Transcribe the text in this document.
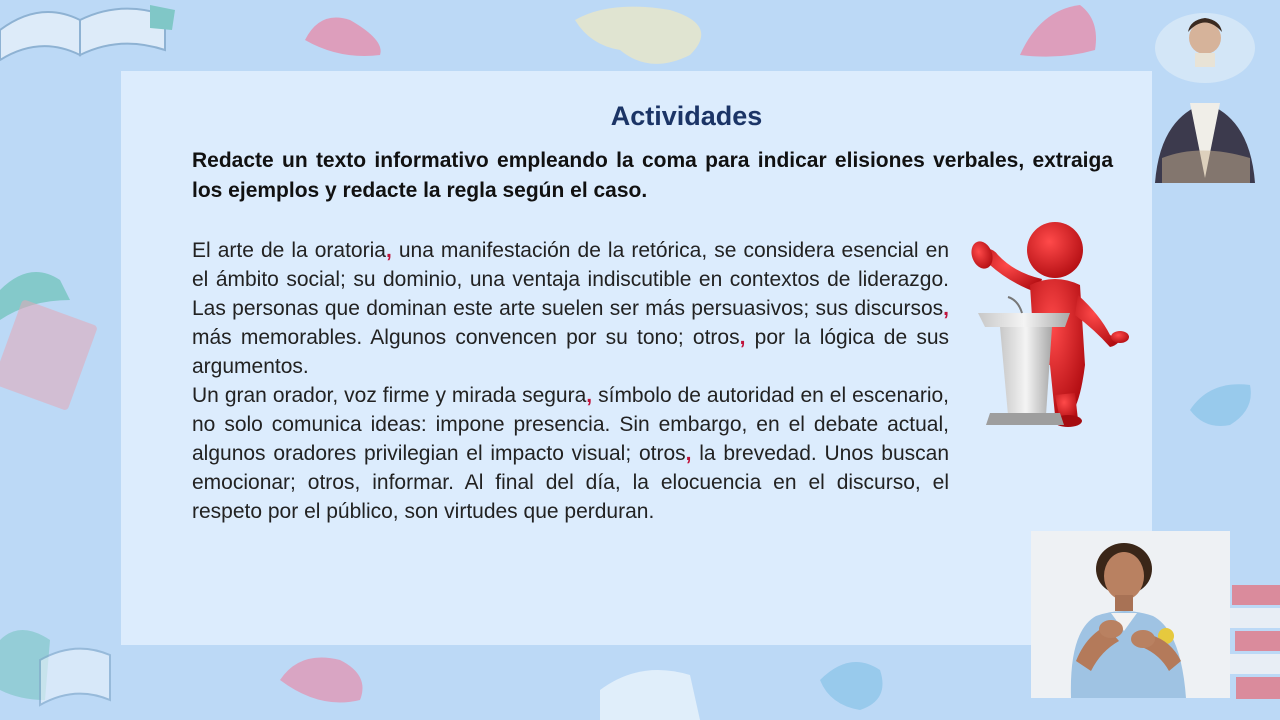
Actividades

Redacte un texto informativo empleando la coma para indicar elisiones verbales, extraiga los ejemplos y redacte la regla según el caso.

El arte de la oratoria, una manifestación de la retórica, se considera esencial en el ámbito social; su dominio, una ventaja indiscutible en contextos de liderazgo. Las personas que dominan este arte suelen ser más persuasivos; sus discursos, más memorables. Algunos convencen por su tono; otros, por la lógica de sus argumentos.

Un gran orador, voz firme y mirada segura, símbolo de autoridad en el escenario, no solo comunica ideas: impone presencia. Sin embargo, en el debate actual, algunos oradores privilegian el impacto visual; otros, la brevedad. Unos buscan emocionar; otros, informar. Al final del día, la elocuencia en el discurso, el respeto por el público, son virtudes que perduran.
